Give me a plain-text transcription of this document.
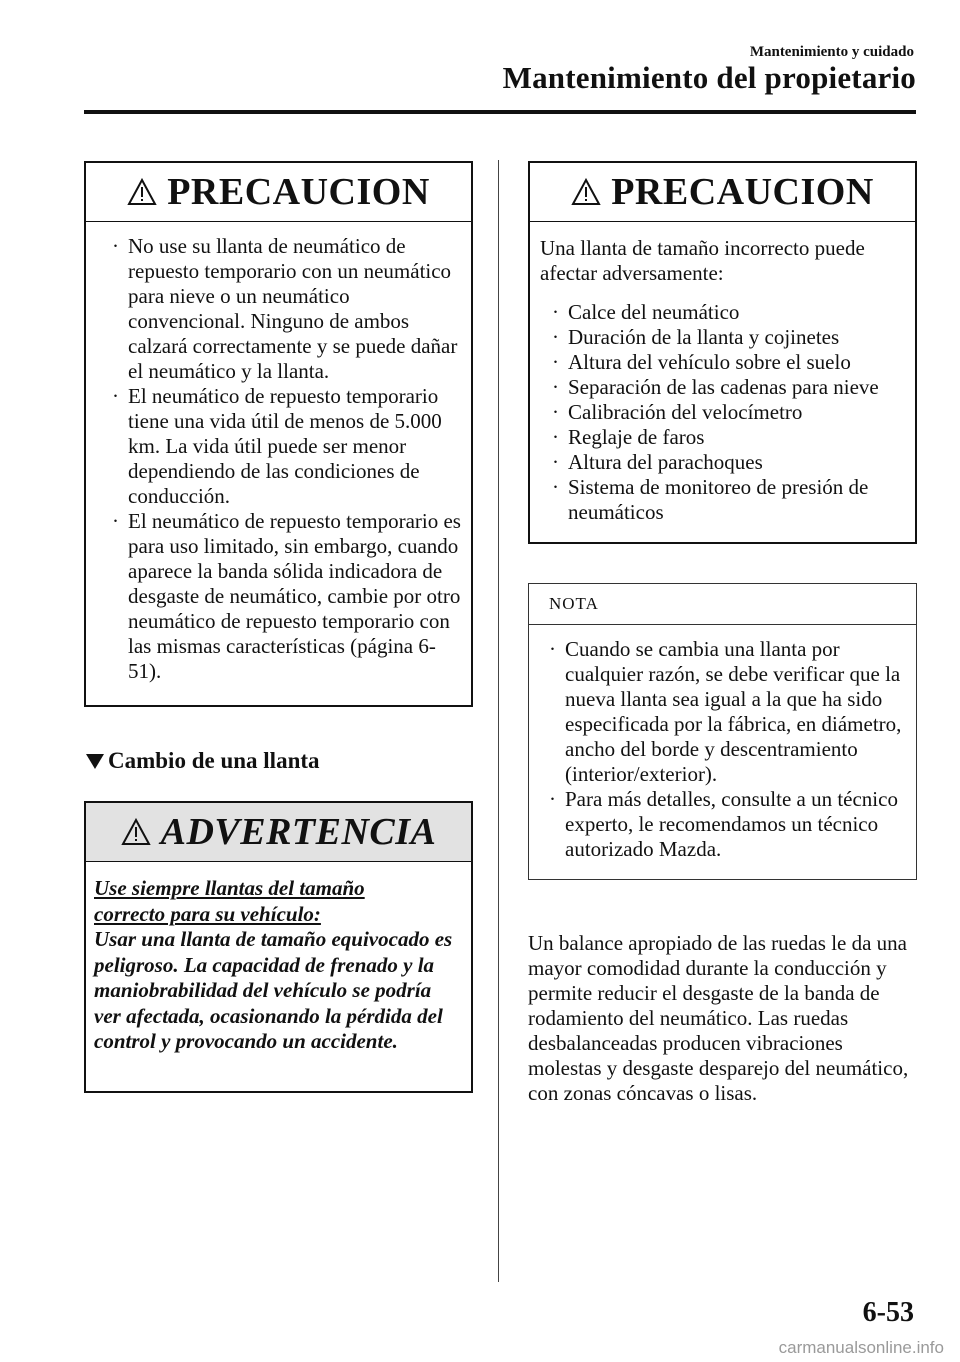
Mantenimiento y cuidado
Mantenimiento del propietario
PRECAUCION
· No use su llanta de neumático de repuesto temporario con un neumático para nieve o un neumático convencional. Ninguno de ambos calzará correctamente y se puede dañar el neumático y la llanta.
· El neumático de repuesto temporario tiene una vida útil de menos de 5.000 km. La vida útil puede ser menor dependiendo de las condiciones de conducción.
· El neumático de repuesto temporario es para uso limitado, sin embargo, cuando aparece la banda sólida indicadora de desgaste de neumático, cambie por otro neumático de repuesto temporario con las mismas características (página 6-51).
Cambio de una llanta
ADVERTENCIA
Use siempre llantas del tamaño
correcto para su vehículo:
Usar una llanta de tamaño equivocado es peligroso. La capacidad de frenado y la maniobrabilidad del vehículo se podría ver afectada, ocasionando la pérdida del control y provocando un accidente.
PRECAUCION
Una llanta de tamaño incorrecto puede afectar adversamente:
· Calce del neumático
· Duración de la llanta y cojinetes
· Altura del vehículo sobre el suelo
· Separación de las cadenas para nieve
· Calibración del velocímetro
· Reglaje de faros
· Altura del parachoques
· Sistema de monitoreo de presión de neumáticos
NOTA
· Cuando se cambia una llanta por cualquier razón, se debe verificar que la nueva llanta sea igual a la que ha sido especificada por la fábrica, en diámetro, ancho del borde y descentramiento (interior/exterior).
· Para más detalles, consulte a un técnico experto, le recomendamos un técnico autorizado Mazda.
Un balance apropiado de las ruedas le da una mayor comodidad durante la conducción y permite reducir el desgaste de la banda de rodamiento del neumático. Las ruedas desbalanceadas producen vibraciones molestas y desgaste desparejo del neumático, con zonas cóncavas o lisas.
6-53
carmanualsonline.info
